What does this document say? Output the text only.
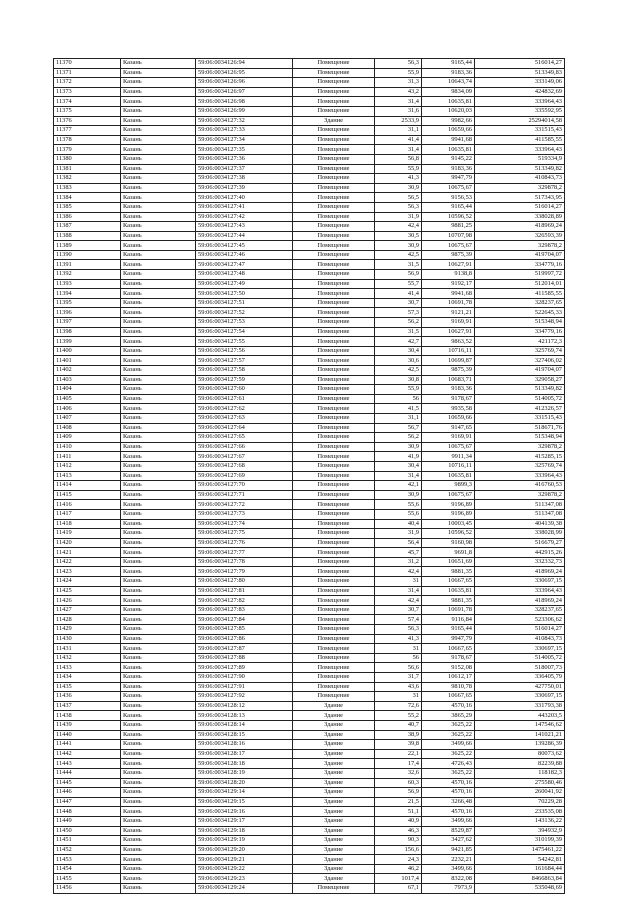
11370	Казань	59:06:0034126:94	Помещение	56,3	9165,44	516014,27
11371	Казань	59:06:0034126:95	Помещение	55,9	9183,36	513349,83
11372	Казань	59:06:0034126:96	Помещение	31,3	10643,74	333149,06
11373	Казань	59:06:0034126:97	Помещение	43,2	9834,09	424832,69
11374	Казань	59:06:0034126:98	Помещение	31,4	10635,81	333964,43
11375	Казань	59:06:0034126:99	Помещение	31,6	10620,03	335592,95
11376	Казань	59:06:0034127:32	Здание	2533,9	9982,66	25294014,58
11377	Казань	59:06:0034127:33	Помещение	31,1	10659,66	331515,43
11378	Казань	59:06:0034127:34	Помещение	41,4	9941,68	411585,55
11379	Казань	59:06:0034127:35	Помещение	31,4	10635,81	333964,43
11380	Казань	59:06:0034127:36	Помещение	56,8	9145,22	519334,9
11381	Казань	59:06:0034127:37	Помещение	55,9	9183,36	513349,82
11382	Казань	59:06:0034127:38	Помещение	41,3	9947,79	410843,73
11383	Казань	59:06:0034127:39	Помещение	30,9	10675,67	329878,2
11384	Казань	59:06:0034127:40	Помещение	56,5	9156,53	517343,95
11385	Казань	59:06:0034127:41	Помещение	56,3	9165,44	516014,27
11386	Казань	59:06:0034127:42	Помещение	31,9	10596,52	338028,89
11387	Казань	59:06:0034127:43	Помещение	42,4	9881,25	418969,24
11388	Казань	59:06:0034127:44	Помещение	30,5	10707,98	326593,39
11389	Казань	59:06:0034127:45	Помещение	30,9	10675,67	329878,2
11390	Казань	59:06:0034127:46	Помещение	42,5	9875,39	419704,07
11391	Казань	59:06:0034127:47	Помещение	31,5	10627,91	334779,16
11392	Казань	59:06:0034127:48	Помещение	56,9	9138,8	519997,72
11393	Казань	59:06:0034127:49	Помещение	55,7	9192,17	512014,01
11394	Казань	59:06:0034127:50	Помещение	41,4	9941,68	411585,55
11395	Казань	59:06:0034127:51	Помещение	30,7	10691,78	328237,65
11396	Казань	59:06:0034127:52	Помещение	57,3	9121,21	522645,33
11397	Казань	59:06:0034127:53	Помещение	56,2	9169,91	515348,94
11398	Казань	59:06:0034127:54	Помещение	31,5	10627,91	334779,16
11399	Казань	59:06:0034127:55	Помещение	42,7	9863,52	421172,3
11400	Казань	59:06:0034127:56	Помещение	30,4	10716,11	325769,74
11401	Казань	59:06:0034127:57	Помещение	30,6	10699,87	327406,02
11402	Казань	59:06:0034127:58	Помещение	42,5	9875,39	419704,07
11403	Казань	59:06:0034127:59	Помещение	30,8	10683,71	329058,27
11404	Казань	59:06:0034127:60	Помещение	55,9	9183,36	513349,82
11405	Казань	59:06:0034127:61	Помещение	56	9178,67	514005,72
11406	Казань	59:06:0034127:62	Помещение	41,5	9935,58	412326,57
11407	Казань	59:06:0034127:63	Помещение	31,1	10659,66	331515,43
11408	Казань	59:06:0034127:64	Помещение	56,7	9147,65	518671,76
11409	Казань	59:06:0034127:65	Помещение	56,2	9169,91	515348,94
11410	Казань	59:06:0034127:66	Помещение	30,9	10675,67	329878,2
11411	Казань	59:06:0034127:67	Помещение	41,9	9911,34	415285,15
11412	Казань	59:06:0034127:68	Помещение	30,4	10716,11	325769,74
11413	Казань	59:06:0034127:69	Помещение	31,4	10635,81	333964,43
11414	Казань	59:06:0034127:70	Помещение	42,1	9899,3	416760,53
11415	Казань	59:06:0034127:71	Помещение	30,9	10675,67	329878,2
11416	Казань	59:06:0034127:72	Помещение	55,6	9196,89	511347,08
11417	Казань	59:06:0034127:73	Помещение	55,6	9196,89	511347,08
11418	Казань	59:06:0034127:74	Помещение	40,4	10003,45	404139,38
11419	Казань	59:06:0034127:75	Помещение	31,9	10596,52	338028,99
11420	Казань	59:06:0034127:76	Помещение	56,4	9160,98	516679,27
11421	Казань	59:06:0034127:77	Помещение	45,7	9691,8	442915,26
11422	Казань	59:06:0034127:78	Помещение	31,2	10651,69	332332,73
11423	Казань	59:06:0034127:79	Помещение	42,4	9881,35	418969,24
11424	Казань	59:06:0034127:80	Помещение	31	10667,65	330697,15
11425	Казань	59:06:0034127:81	Помещение	31,4	10635,81	333964,43
11426	Казань	59:06:0034127:82	Помещение	42,4	9881,35	418969,24
11427	Казань	59:06:0034127:83	Помещение	30,7	10691,78	328237,65
11428	Казань	59:06:0034127:84	Помещение	57,4	9116,84	523306,62
11429	Казань	59:06:0034127:85	Помещение	56,3	9165,44	516014,27
11430	Казань	59:06:0034127:86	Помещение	41,3	9947,79	410843,73
11431	Казань	59:06:0034127:87	Помещение	31	10667,65	330697,15
11432	Казань	59:06:0034127:88	Помещение	56	9178,67	514005,72
11433	Казань	59:06:0034127:89	Помещение	56,6	9152,08	518007,73
11434	Казань	59:06:0034127:90	Помещение	31,7	10612,17	336405,79
11435	Казань	59:06:0034127:91	Помещение	43,6	9810,78	427750,01
11436	Казань	59:06:0034127:92	Помещение	31	10667,65	330697,15
11437	Казань	59:06:0034128:12	Здание	72,6	4570,16	331793,38
11438	Казань	59:06:0034128:13	Здание	55,2	3865,29	443203,5
11439	Казань	59:06:0034128:14	Здание	40,7	3625,22	147546,62
11440	Казань	59:06:0034128:15	Здание	38,9	3625,22	141021,21
11441	Казань	59:06:0034128:16	Здание	39,8	3499,66	139286,39
11442	Казань	59:06:0034128:17	Здание	22,1	3625,22	80073,62
11443	Казань	59:06:0034128:18	Здание	17,4	4726,43	82239,88
11444	Казань	59:06:0034128:19	Здание	32,6	3625,22	118182,3
11445	Казань	59:06:0034128:20	Здание	60,3	4570,16	275580,46
11446	Казань	59:06:0034129:14	Здание	56,9	4570,16	260041,92
11447	Казань	59:06:0034129:15	Здание	21,5	3266,48	70229,28
11448	Казань	59:06:0034129:16	Здание	51,1	4570,16	233535,08
11449	Казань	59:06:0034129:17	Здание	40,9	3499,66	143136,22
11450	Казань	59:06:0034129:18	Здание	46,3	8529,87	394932,9
11451	Казань	59:06:0034129:19	Здание	90,3	3427,62	310199,39
11452	Казань	59:06:0034129:20	Здание	156,6	9421,85	1475461,22
11453	Казань	59:06:0034129:21	Здание	24,3	2232,21	54242,81
11454	Казань	59:06:0034129:22	Здание	46,2	3499,66	161684,44
11455	Казань	59:06:0034129:23	Здание	1017,4	8322,08	8466863,84
11456	Казань	59:06:0034129:24	Помещение	67,1	7973,9	535048,69
